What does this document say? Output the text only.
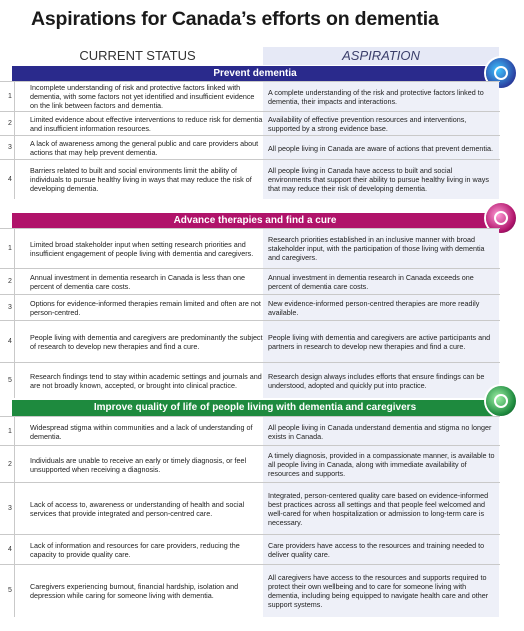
Aspirations for Canada’s efforts on dementia
CURRENT STATUS	ASPIRATION
Prevent dementia
1
Incomplete understanding of risk and protective factors linked with dementia, with some factors not yet identified and insufficient evidence on the link between factors and dementia.
A complete understanding of the risk and protective factors linked to dementia, their impacts and interactions.
2	Limited evidence about effective interventions to reduce risk for dementia and insufficient information resources.
Availability of effective prevention resources and interventions, supported by a strong evidence base.
3	A lack of awareness among the general public and care providers about actions that may help prevent dementia.
All people living in Canada are aware of actions that prevent dementia.
4
Barriers related to built and social environments limit the ability of individuals to pursue healthy living in ways that may reduce the risk of developing dementia.
All people living in Canada have access to built and social environments that support their ability to pursue healthy living in ways that may reduce their risk of developing dementia.
Advance therapies and find a cure
1	Limited broad stakeholder input when setting research priorities and insufficient engagement of people living with dementia and caregivers.
Research priorities established in an inclusive manner with broad stakeholder input, with the participation of those living with dementia and caregivers.
2	Annual investment in dementia research in Canada is less than one percent of dementia care costs.
Annual investment in dementia research in Canada exceeds one percent of dementia care costs.
3	Options for evidence-informed therapies remain limited and often are not person-centred.
New evidence-informed person-centred therapies are more readily available.
4	People living with dementia and caregivers are predominantly the subject of research to develop new therapies and find a cure.
People living with dementia and caregivers are active participants and partners in research to develop new therapies and find a cure.
5	Research findings tend to stay within academic settings and journals and are not broadly known, accepted, or brought into clinical practice.
Research design always includes efforts that ensure findings can be understood, adopted and quickly put into practice.
Improve quality of life of people living with dementia and caregivers
1	Widespread stigma within communities and a lack of understanding of dementia.
All people living in Canada understand dementia and stigma no longer exists in Canada.
2	Individuals are unable to receive an early or timely diagnosis, or feel unsupported when receiving a diagnosis.
A timely diagnosis, provided in a compassionate manner, is available to all people living in Canada, along with immediate availability of resources and supports.
3	Lack of access to, awareness or understanding of health and social services that provide integrated and person-centred care.
Integrated, person-centered quality care based on evidence-informed best practices across all settings and that people feel welcomed and well-cared for when hospitalization or admission to long-term care is necessary.
4	Lack of information and resources for care providers, reducing the capacity to provide quality care.
Care providers have access to the resources and training needed to deliver quality care.
5	Caregivers experiencing burnout, financial hardship, isolation and depression while caring for someone living with dementia.
All caregivers have access to the resources and supports required to protect their own wellbeing and to care for someone living with dementia, including being equipped to navigate health care and other support systems.
